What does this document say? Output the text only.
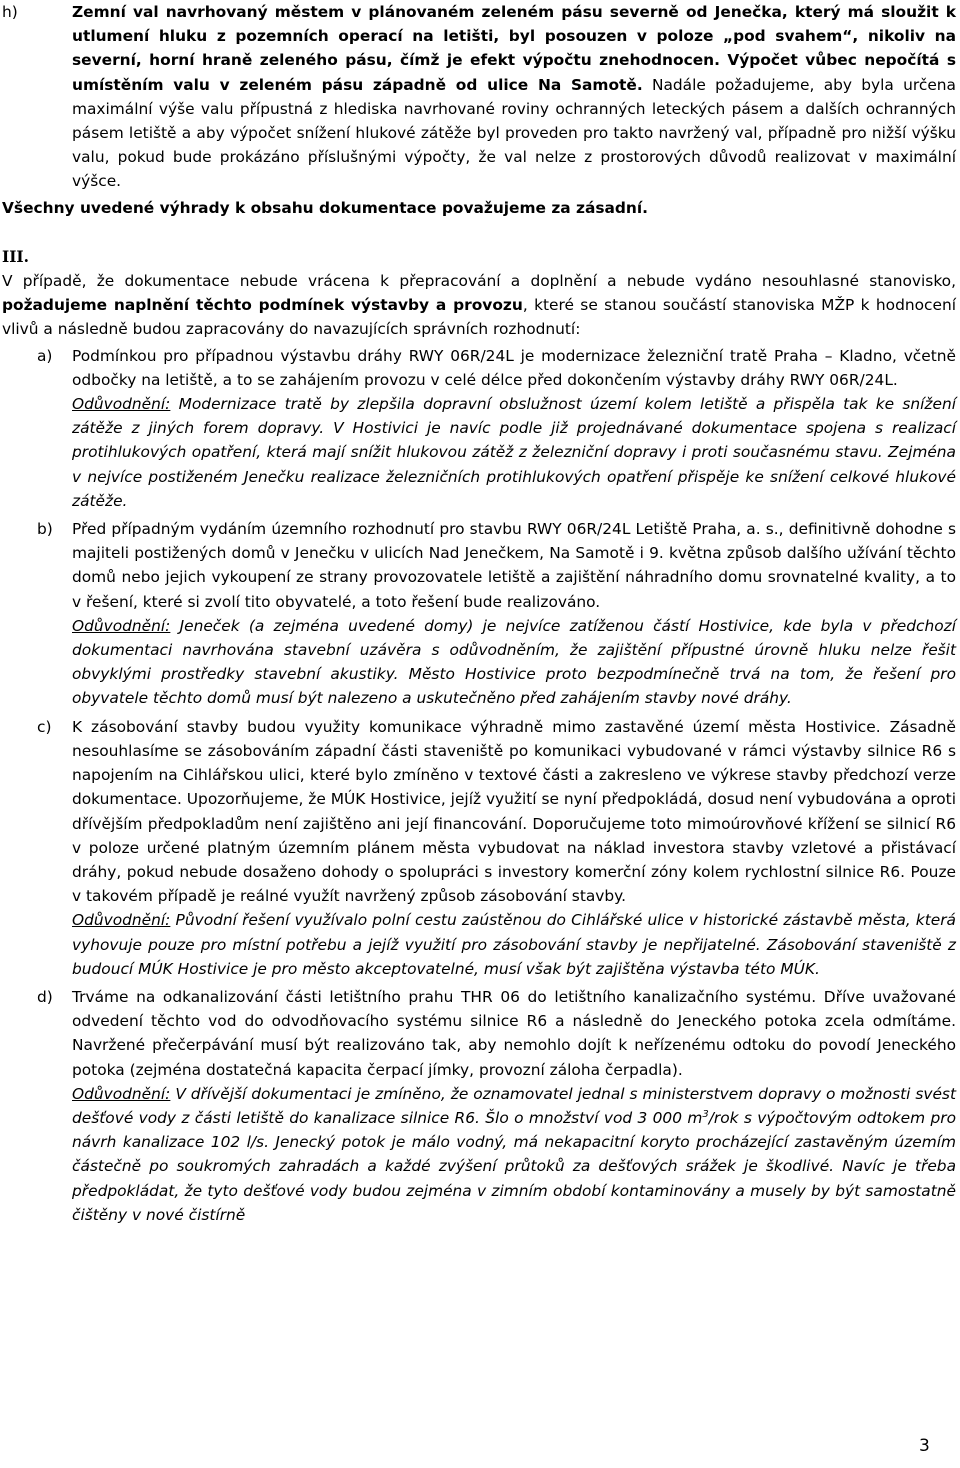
h)	Zemní val navrhovaný městem v plánovaném zeleném pásu severně od Jenečka, který má sloužit k utlumení hluku z pozemních operací na letišti, byl posouzen v poloze „pod svahem“, nikoliv na severní, horní hraně zeleného pásu, čímž je efekt výpočtu znehodnocen. Výpočet vůbec nepočítá s umístěním valu v zeleném pásu západně od ulice Na Samotě. Nadále požadujeme, aby byla určena maximální výše valu přípustná z hlediska navrhované roviny ochranných leteckých pásem a dalších ochranných pásem letiště a aby výpočet snížení hlukové zátěže byl proveden pro takto navržený val, případně pro nižší výšku valu, pokud bude prokázáno příslušnými výpočty, že val nelze z prostorových důvodů realizovat v maximální výšce.

Všechny uvedené výhrady k obsahu dokumentace považujeme za zásadní.

III.

V případě, že dokumentace nebude vrácena k přepracování a doplnění a nebude vydáno nesouhlasné stanovisko, požadujeme naplnění těchto podmínek výstavby a provozu, které se stanou součástí stanoviska MŽP k hodnocení vlivů a následně budou zapracovány do navazujících správních rozhodnutí:

a)	Podmínkou pro případnou výstavbu dráhy RWY 06R/24L je modernizace železniční tratě Praha – Kladno, včetně odbočky na letiště, a to se zahájením provozu v celé délce před dokončením výstavby dráhy RWY 06R/24L.

Odůvodnění: Modernizace tratě by zlepšila dopravní obslužnost území kolem letiště a přispěla tak ke snížení zátěže z jiných forem dopravy. V Hostivici je navíc podle již projednávané dokumentace spojena s realizací protihlukových opatření, která mají snížit hlukovou zátěž z železniční dopravy i proti současnému stavu. Zejména v nejvíce postiženém Jenečku realizace železničních protihlukových opatření přispěje ke snížení celkové hlukové zátěže.

b)	Před případným vydáním územního rozhodnutí pro stavbu RWY 06R/24L Letiště Praha, a. s., definitivně dohodne s majiteli postižených domů v Jenečku v ulicích Nad Jenečkem, Na Samotě i 9. května způsob dalšího užívání těchto domů nebo jejich vykoupení ze strany provozovatele letiště a zajištění náhradního domu srovnatelné kvality, a to v řešení, které si zvolí tito obyvatelé, a toto řešení bude realizováno.

Odůvodnění: Jeneček (a zejména uvedené domy) je nejvíce zatíženou částí Hostivice, kde byla v předchozí dokumentaci navrhována stavební uzávěra s odůvodněním, že zajištění přípustné úrovně hluku nelze řešit obvyklými prostředky stavební akustiky. Město Hostivice proto bezpodmínečně trvá na tom, že řešení pro obyvatele těchto domů musí být nalezeno a uskutečněno před zahájením stavby nové dráhy.

c)	K zásobování stavby budou využity komunikace výhradně mimo zastavěné území města Hostivice. Zásadně nesouhlasíme se zásobováním západní části staveniště po komunikaci vybudované v rámci výstavby silnice R6 s napojením na Cihlářskou ulici, které bylo zmíněno v textové části a zakresleno ve výkrese stavby předchozí verze dokumentace. Upozorňujeme, že MÚK Hostivice, jejíž využití se nyní předpokládá, dosud není vybudována a oproti dřívějším předpokladům není zajištěno ani její financování. Doporučujeme toto mimoúrovňové křížení se silnicí R6 v poloze určené platným územním plánem města vybudovat na náklad investora stavby vzletové a přistávací dráhy, pokud nebude dosaženo dohody o spolupráci s investory komerční zóny kolem rychlostní silnice R6. Pouze v takovém případě je reálné využít navržený způsob zásobování stavby.

Odůvodnění: Původní řešení využívalo polní cestu zaústěnou do Cihlářské ulice v historické zástavbě města, která vyhovuje pouze pro místní potřebu a jejíž využití pro zásobování stavby je nepřijatelné. Zásobování staveniště z budoucí MÚK Hostivice je pro město akceptovatelné, musí však být zajištěna výstavba této MÚK.

d)	Trváme na odkanalizování části letištního prahu THR 06 do letištního kanalizačního systému. Dříve uvažované odvedení těchto vod do odvodňovacího systému silnice R6 a následně do Jeneckého potoka zcela odmítáme. Navržené přečerpávání musí být realizováno tak, aby nemohlo dojít k neřízenému odtoku do povodí Jeneckého potoka (zejména dostatečná kapacita čerpací jímky, provozní záloha čerpadla).

Odůvodnění: V dřívější dokumentaci je zmíněno, že oznamovatel jednal s ministerstvem dopravy o možnosti svést dešťové vody z části letiště do kanalizace silnice R6. Šlo o množství vod 3 000 $m^3$/rok s výpočtovým odtokem pro návrh kanalizace 102 l/s. Jenecký potok je málo vodný, má nekapacitní koryto procházející zastavěným územím částečně po soukromých zahradách a každé zvýšení průtoků za dešťových srážek je škodlivé. Navíc je třeba předpokládat, že tyto dešťové vody budou zejména v zimním období kontaminovány a musely by být samostatně čištěny v nové čistírně

3
